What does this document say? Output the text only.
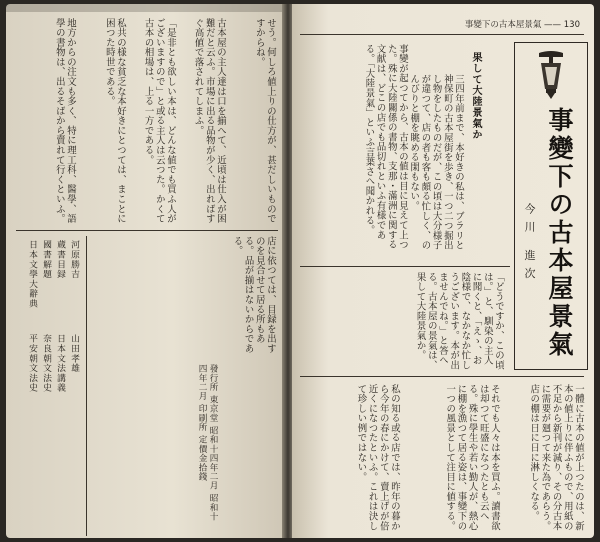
せう。何しろ値上りの仕方が、甚だしいものですからね。

古本屋の主人達は口を揃へて、近頃は仕入が困難だと云ふ。市場に出る品物が少く、出ればすぐ高値で落されてしまふ。

「是非とも欲しい本は、どんな値でも買ふ人がございますので」と或る主人は云つた。かくて古本の相場は、上る一方である。

私共の様な貧乏な本好きにとつては、まことに困つた時世である。

地方からの注文も多く、特に理工科、醫學、語學の書物は、出るそばから賣れて行くといふ。

店に依つては、目録を出すのを見合せて居る所もある。品が揃はないからである。

河原勝吉
蔵書目録
國書解題
日本文學大辭典
山田孝雄
日本文法講義
奈良朝文法史
平安朝文法史	發行所 東京堂 昭和十四年二月 昭和十四年二月 印刷所 定價金拾錢
事變下の古本屋景氣 —— 130
事變下の古本屋景氣
今川 進次
果して大陸景氣か

三四年前まで、本好きの私は、ブラリと神保町の古本屋街を歩き、一つ二つ掘出し物をしたものだが、この頃は大分様子が違つて、店の者も客も頗る忙しく、のんびりと棚を眺める閑もない。

事變が起つてから、古本の値は目に見えて上つた。殊に大陸關係の書物、支那・滿洲に関する文献は、どこの店でも品切れといふ有様である。「大陸景氣」といふ言葉さへ聞かれる。

「どうですか、この頃は。」と、馴染の主人に聞くと、「えゝ、お陰様で、なかなか忙しうございます。本が出ませんでね。」と答へる。古本屋の景氣は、果して大陸景氣か。

一體に古本の値が上つたのは、新本の値上りに伴ふもので、用紙の不足から新刊が減り、その分古本に需要が廻つて来た為であらう。店の棚は日に日に淋しくなる。

それでも人々は本を買ふ。讀書欲は却つて旺盛になつたとも云へる。殊に學生や若い勤人が、熱心に棚を漁つて居る姿は、事變下の一つの風景として注目に値する。

私の知る或る店では、昨年の暮から今年の春にかけて、賣上げが倍近くになつたといふ。これは決して珍しい例ではない。
